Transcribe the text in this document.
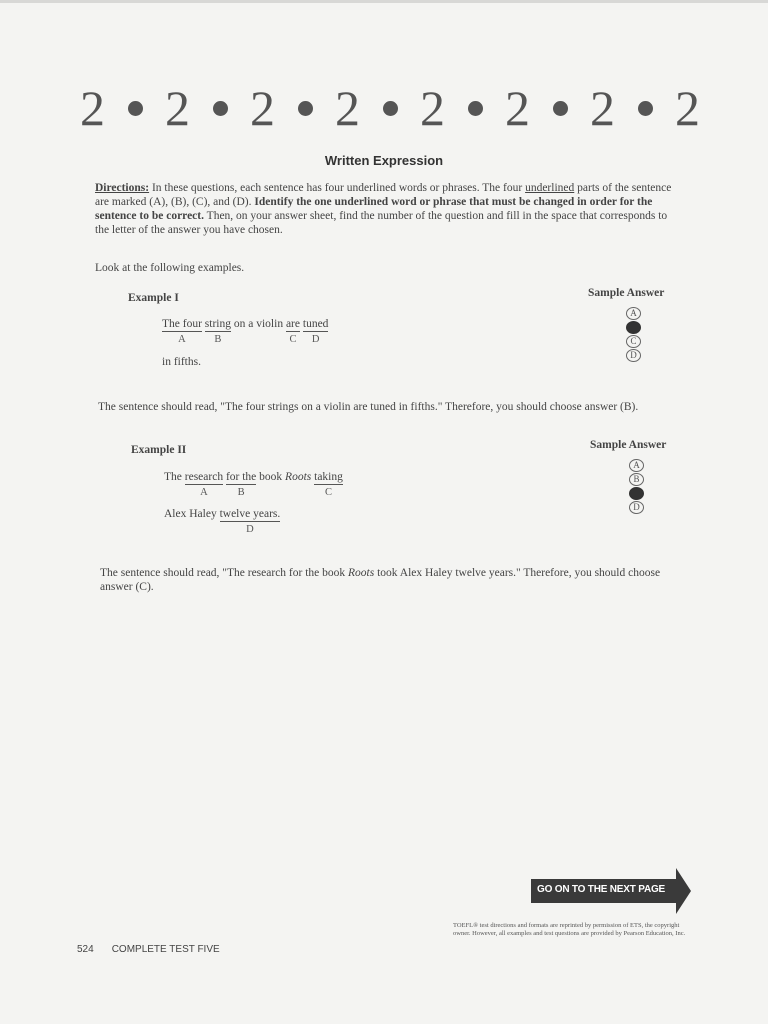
2 2 2 2 2 2 2 2
Written Expression
Directions: In these questions, each sentence has four underlined words or phrases. The four underlined parts of the sentence are marked (A), (B), (C), and (D). Identify the one underlined word or phrase that must be changed in order for the sentence to be correct. Then, on your answer sheet, find the number of the question and fill in the space that corresponds to the letter of the answer you have chosen.
Look at the following examples.
Example I	Sample Answer
The four
A
string
B
on a violin are
C
tuned
D
in fifths.
A
C
D
The sentence should read, "The four strings on a violin are tuned in fifths." Therefore, you should choose answer (B).
Example II	Sample Answer
The research
A
for the
B
book Roots taking
C
Alex Haley twelve years.
D
A
B
D
The sentence should read, "The research for the book Roots took Alex Haley twelve years." Therefore, you should choose answer (C).
GO ON TO THE NEXT PAGE
TOEFL® test directions and formats are reprinted by permission of ETS, the copyright owner. However, all examples and test questions are provided by Pearson Education, Inc.
524 COMPLETE TEST FIVE
